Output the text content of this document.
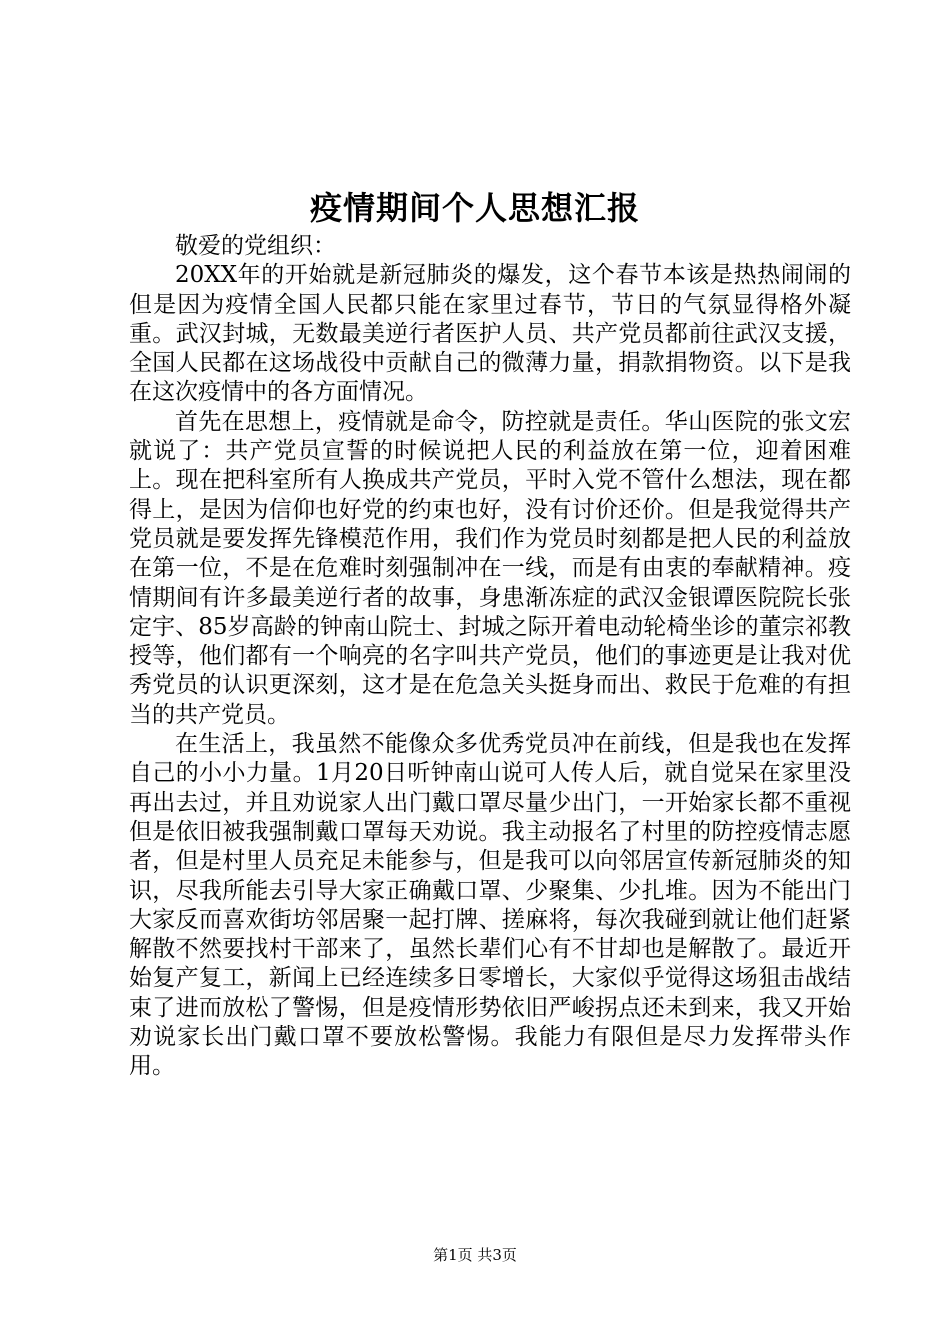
疫情期间个人思想汇报

敬爱的党组织：

20XX年的开始就是新冠肺炎的爆发，这个春节本该是热热闹闹的但是因为疫情全国人民都只能在家里过春节，节日的气氛显得格外凝重。武汉封城，无数最美逆行者医护人员、共产党员都前往武汉支援，全国人民都在这场战役中贡献自己的微薄力量，捐款捐物资。以下是我在这次疫情中的各方面情况。

首先在思想上，疫情就是命令，防控就是责任。华山医院的张文宏就说了：共产党员宣誓的时候说把人民的利益放在第一位，迎着困难上。现在把科室所有人换成共产党员，平时入党不管什么想法，现在都得上，是因为信仰也好党的约束也好，没有讨价还价。但是我觉得共产党员就是要发挥先锋模范作用，我们作为党员时刻都是把人民的利益放在第一位，不是在危难时刻强制冲在一线，而是有由衷的奉献精神。疫情期间有许多最美逆行者的故事，身患渐冻症的武汉金银谭医院院长张定宇、85岁高龄的钟南山院士、封城之际开着电动轮椅坐诊的董宗祁教授等，他们都有一个响亮的名字叫共产党员，他们的事迹更是让我对优秀党员的认识更深刻，这才是在危急关头挺身而出、救民于危难的有担当的共产党员。

在生活上，我虽然不能像众多优秀党员冲在前线，但是我也在发挥自己的小小力量。1月20日听钟南山说可人传人后，就自觉呆在家里没再出去过，并且劝说家人出门戴口罩尽量少出门，一开始家长都不重视但是依旧被我强制戴口罩每天劝说。我主动报名了村里的防控疫情志愿者，但是村里人员充足未能参与，但是我可以向邻居宣传新冠肺炎的知识，尽我所能去引导大家正确戴口罩、少聚集、少扎堆。因为不能出门大家反而喜欢街坊邻居聚一起打牌、搓麻将，每次我碰到就让他们赶紧解散不然要找村干部来了，虽然长辈们心有不甘却也是解散了。最近开始复产复工，新闻上已经连续多日零增长，大家似乎觉得这场狙击战结束了进而放松了警惕，但是疫情形势依旧严峻拐点还未到来，我又开始劝说家长出门戴口罩不要放松警惕。我能力有限但是尽力发挥带头作用。

第1页 共3页
